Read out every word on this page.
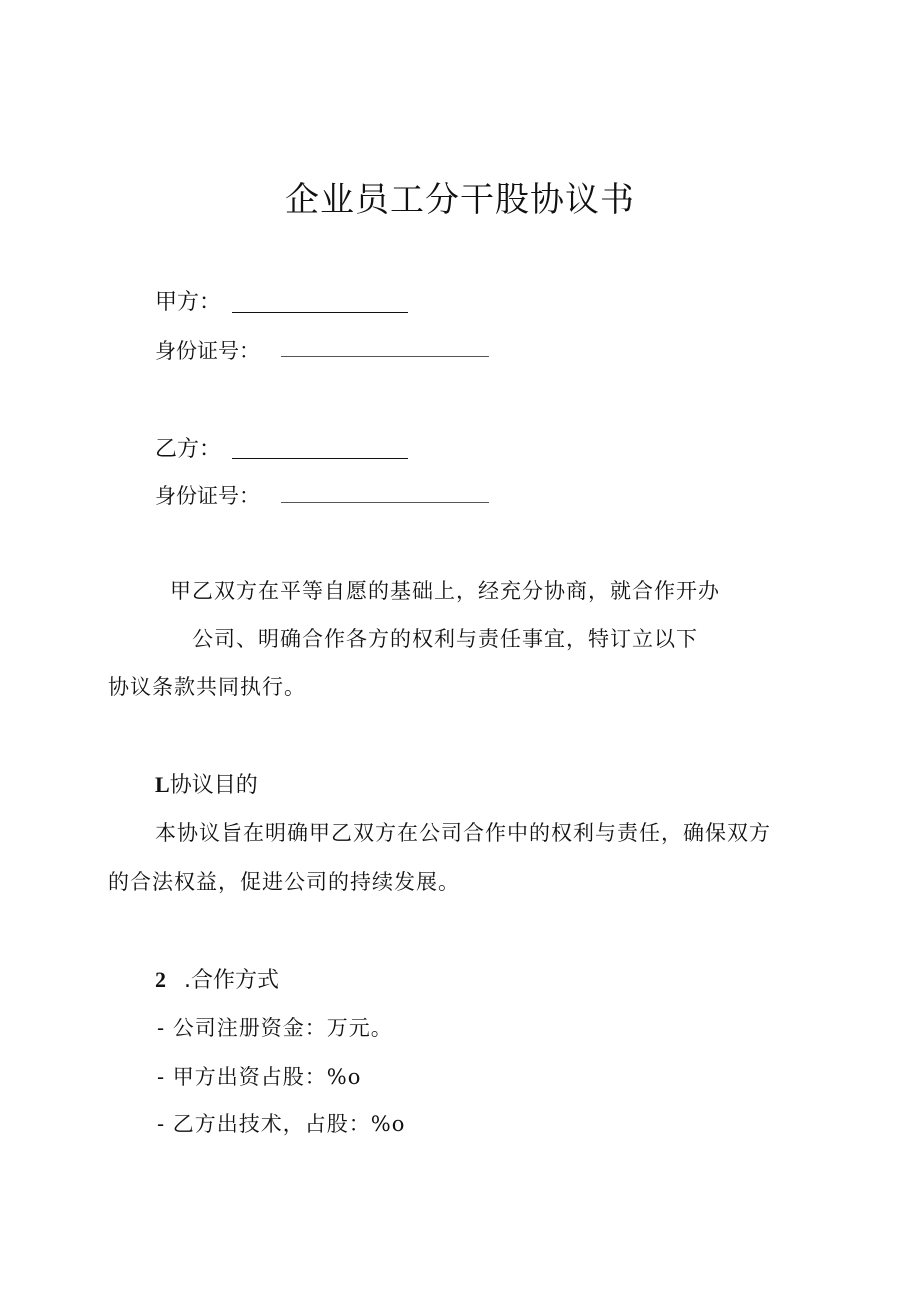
企业员工分干股协议书
甲方：
身份证号：
乙方：
身份证号：
甲乙双方在平等自愿的基础上，经充分协商，就合作开办
公司、明确合作各方的权利与责任事宜，特订立以下
协议条款共同执行。
L协议目的
本协议旨在明确甲乙双方在公司合作中的权利与责任，确保双方
的合法权益，促进公司的持续发展。
2 .合作方式
- 公司注册资金：万元。
- 甲方出资占股：%o
- 乙方出技术，占股：%o
